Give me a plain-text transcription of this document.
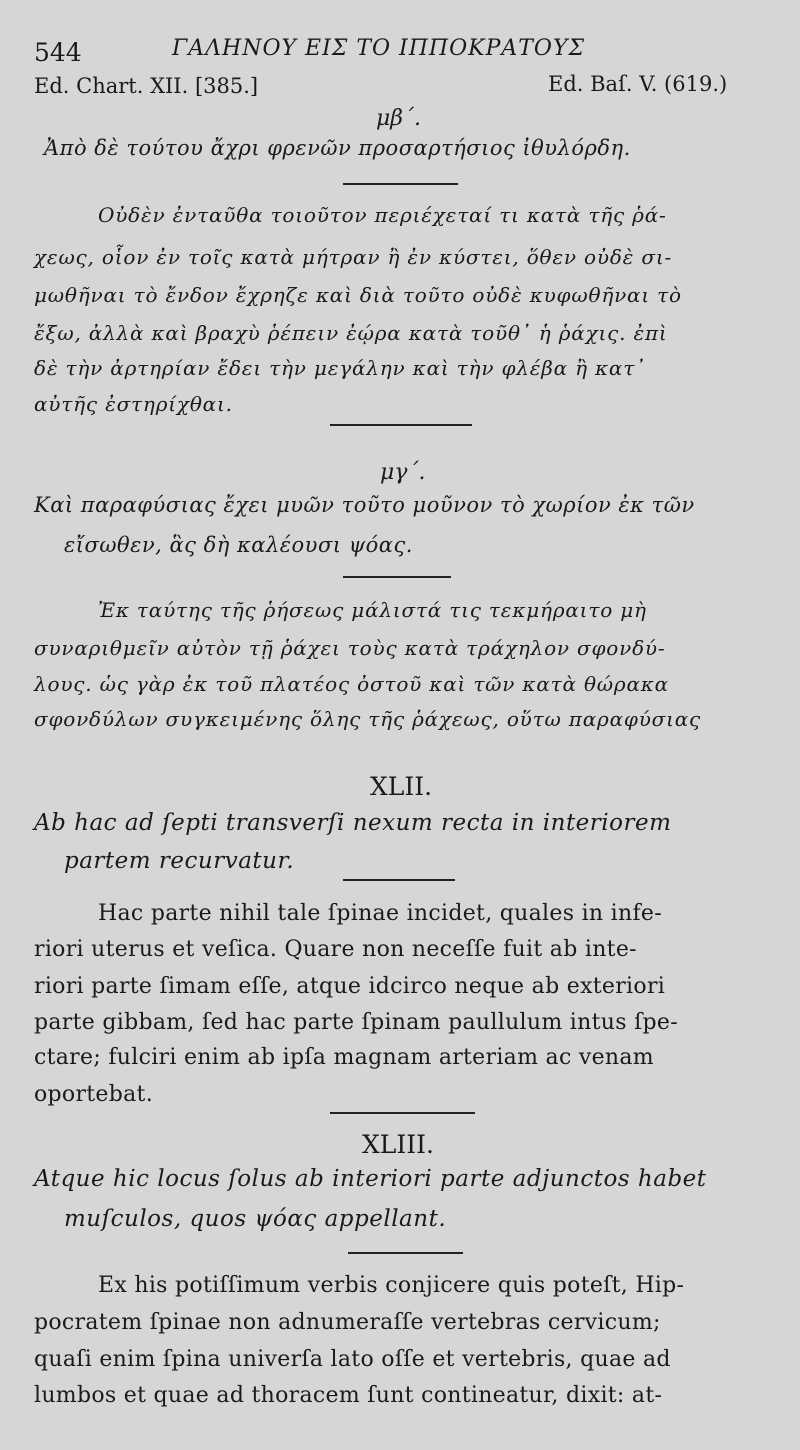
544	ΓΑΛΗΝΟΥ ΕΙΣ ΤΟ ΙΠΠΟΚΡΑΤΟΥΣ
Ed. Chart. XII. [385.]	Ed. Baſ. V. (619.)
μβ΄.
Ἀπὸ δὲ τούτου ἄχρι φρενῶν προσαρτήσιος ἰθυλόρδη.
Οὐδὲν ἐνταῦθα τοιοῦτον περιέχεταί τι κατὰ τῆς ῥά-
χεως, οἷον ἐν τοῖς κατὰ μήτραν ἢ ἐν κύστει, ὅθεν οὐδὲ σι-
μωθῆναι τὸ ἔνδον ἔχρηζε καὶ διὰ τοῦτο οὐδὲ κυφωθῆναι τὸ
ἔξω, ἀλλὰ καὶ βραχὺ ῥέπειν ἐῴρα κατὰ τοῦθ᾽ ἡ ῥάχις. ἐπὶ
δὲ τὴν ἀρτηρίαν ἔδει τὴν μεγάλην καὶ τὴν φλέβα ἢ κατ᾽
αὐτῆς ἐστηρίχθαι.
μγ΄.
Καὶ παραφύσιας ἔχει μυῶν τοῦτο μοῦνον τὸ χωρίον ἐκ τῶν
εἴσωθεν, ἃς δὴ καλέουσι ψόας.
Ἐκ ταύτης τῆς ῥήσεως μάλιστά τις τεκμήραιτο μὴ
συναριθμεῖν αὐτὸν τῇ ῥάχει τοὺς κατὰ τράχηλον σφονδύ-
λους. ὡς γὰρ ἐκ τοῦ πλατέος ὀστοῦ καὶ τῶν κατὰ θώρακα
σφονδύλων συγκειμένης ὅλης τῆς ῥάχεως, οὕτω παραφύσιας
XLII.
Ab hac ad ſepti transverſi nexum recta in interiorem
partem recurvatur.
Hac parte nihil tale ſpinae incidet, quales in infe-
riori uterus et veſica. Quare non neceſſe fuit ab inte-
riori parte ſimam eſſe, atque idcirco neque ab exteriori
parte gibbam, ſed hac parte ſpinam paullulum intus ſpe-
ctare; fulciri enim ab ipſa magnam arteriam ac venam
oportebat.
XLIII.
Atque hic locus ſolus ab interiori parte adjunctos habet
muſculos, quos ψόας appellant.
Ex his potiſſimum verbis conjicere quis poteſt, Hip-
pocratem ſpinae non adnumeraſſe vertebras cervicum;
quaſi enim ſpina univerſa lato oſſe et vertebris, quae ad
lumbos et quae ad thoracem ſunt contineatur, dixit: at-
